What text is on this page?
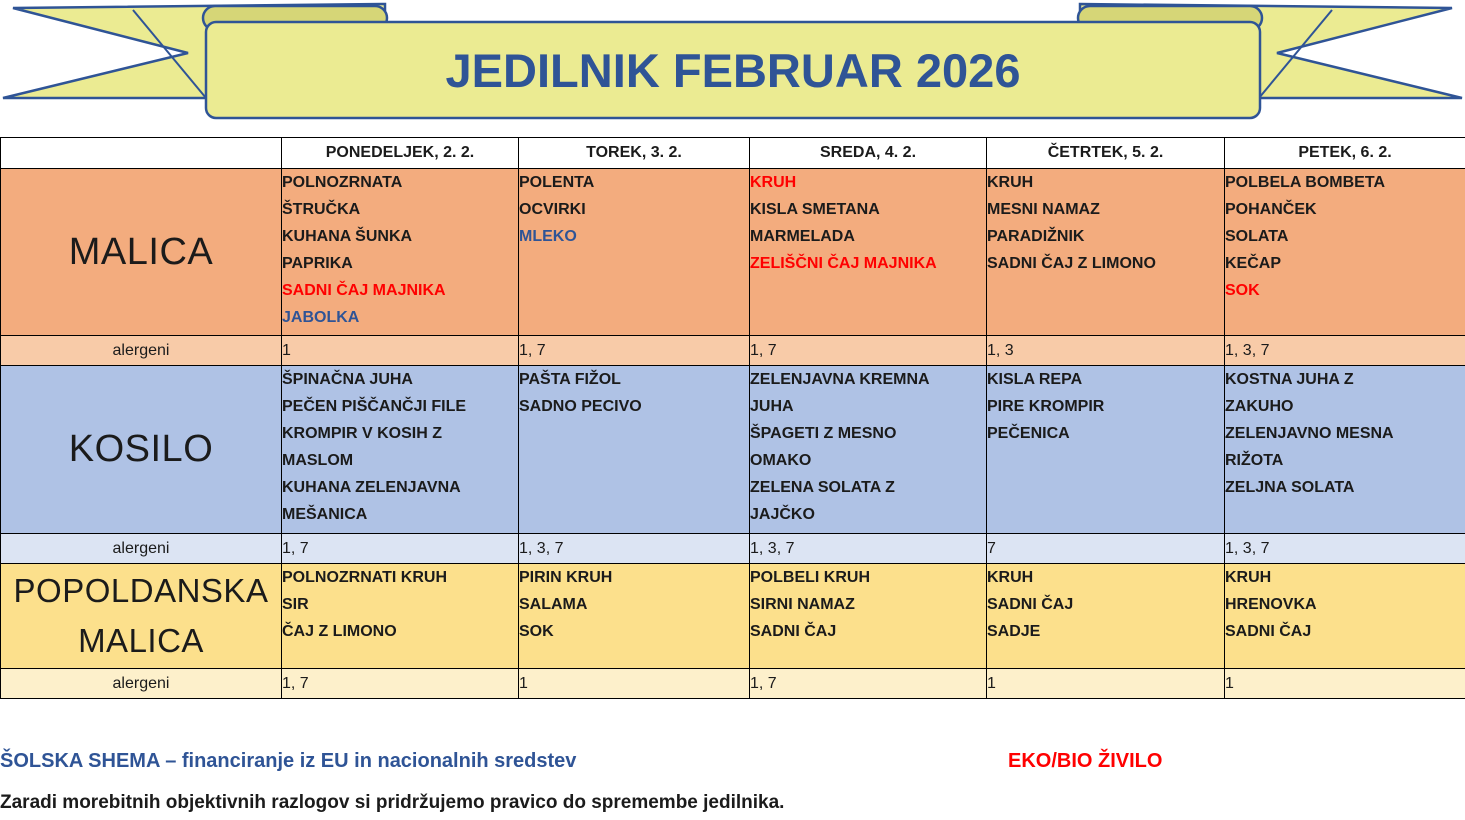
JEDILNIK FEBRUAR 2026
	PONEDELJEK, 2. 2.	TOREK, 3. 2.	SREDA, 4. 2.	ČETRTEK, 5. 2.	PETEK, 6. 2.
MALICA	
POLNOZRNATA
ŠTRUČKA
KUHANA ŠUNKA
PAPRIKA
SADNI ČAJ MAJNIKA
JABOLKA

POLENTA
OCVIRKI
MLEKO

KRUH
KISLA SMETANA
MARMELADA
ZELIŠČNI ČAJ MAJNIKA

KRUH
MESNI NAMAZ
PARADIŽNIK
SADNI ČAJ Z LIMONO

POLBELA BOMBETA
POHANČEK
SOLATA
KEČAP
SOK

alergeni	1	1, 7	1, 7	1, 3	1, 3, 7
KOSILO	
ŠPINAČNA JUHA
PEČEN PIŠČANČJI FILE
KROMPIR V KOSIH Z
MASLOM
KUHANA ZELENJAVNA
MEŠANICA

PAŠTA FIŽOL
SADNO PECIVO

ZELENJAVNA KREMNA
JUHA
ŠPAGETI Z MESNO
OMAKO
ZELENA SOLATA Z
JAJČKO

KISLA REPA
PIRE KROMPIR
PEČENICA

KOSTNA JUHA Z
ZAKUHO
ZELENJAVNO MESNA
RIŽOTA
ZELJNA SOLATA

alergeni	1, 7	1, 3, 7	1, 3, 7	7	1, 3, 7
POPOLDANSKA MALICA	
POLNOZRNATI KRUH
SIR
ČAJ Z LIMONO

PIRIN KRUH
SALAMA
SOK

POLBELI KRUH
SIRNI NAMAZ
SADNI ČAJ

KRUH
SADNI ČAJ
SADJE

KRUH
HRENOVKA
SADNI ČAJ

alergeni	1, 7	1	1, 7	1	1
ŠOLSKA SHEMA – financiranje iz EU in nacionalnih sredstev	EKO/BIO ŽIVILO
Zaradi morebitnih objektivnih razlogov si pridržujemo pravico do spremembe jedilnika.
